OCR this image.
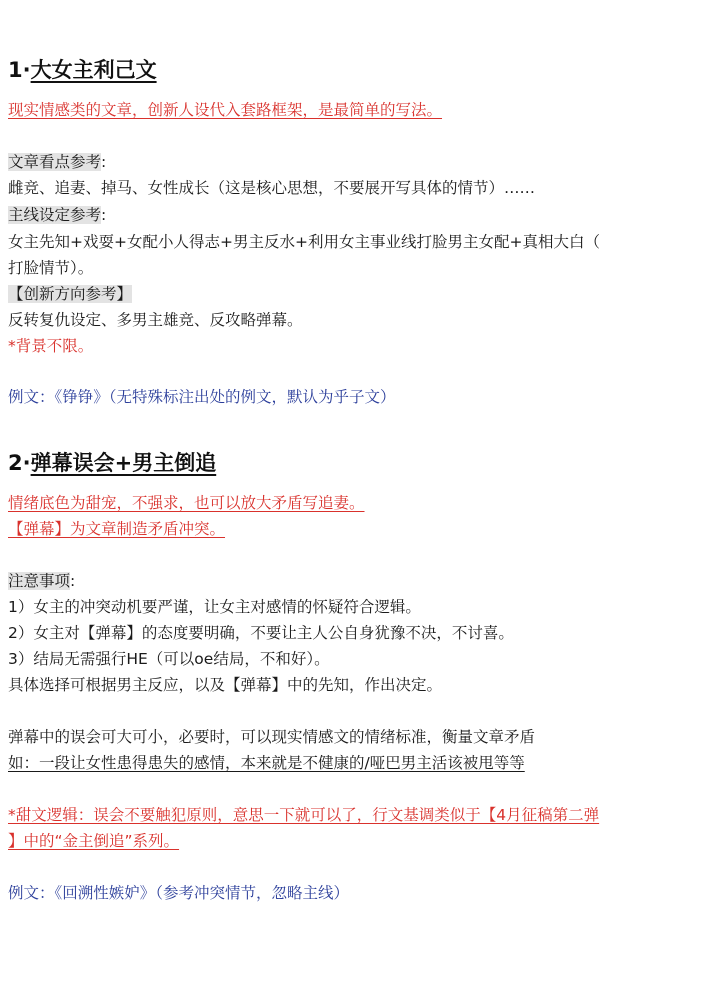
1·大女主利己文
现实情感类的文章，创新人设代入套路框架，是最简单的写法。
文章看点参考:
雌竞、追妻、掉马、女性成长（这是核心思想，不要展开写具体的情节）……
主线设定参考:
女主先知+戏耍+女配小人得志+男主反水+利用女主事业线打脸男主女配+真相大白（
打脸情节）。
【创新方向参考】
反转复仇设定、多男主雄竞、反攻略弹幕。
*背景不限。
例文：《铮铮》（无特殊标注出处的例文，默认为乎子文）
2·弹幕误会+男主倒追
情绪底色为甜宠，不强求，也可以放大矛盾写追妻。
【弹幕】为文章制造矛盾冲突。
注意事项:
1）女主的冲突动机要严谨，让女主对感情的怀疑符合逻辑。
2）女主对【弹幕】的态度要明确，不要让主人公自身犹豫不决，不讨喜。
3）结局无需强行HE（可以oe结局，不和好）。
具体选择可根据男主反应，以及【弹幕】中的先知，作出决定。
弹幕中的误会可大可小，必要时，可以现实情感文的情绪标准，衡量文章矛盾
如：一段让女性患得患失的感情，本来就是不健康的/哑巴男主活该被甩等等
*甜文逻辑：误会不要触犯原则，意思一下就可以了，行文基调类似于【4月征稿第二弹
】中的“金主倒追”系列。
例文：《回溯性嫉妒》（参考冲突情节，忽略主线）
